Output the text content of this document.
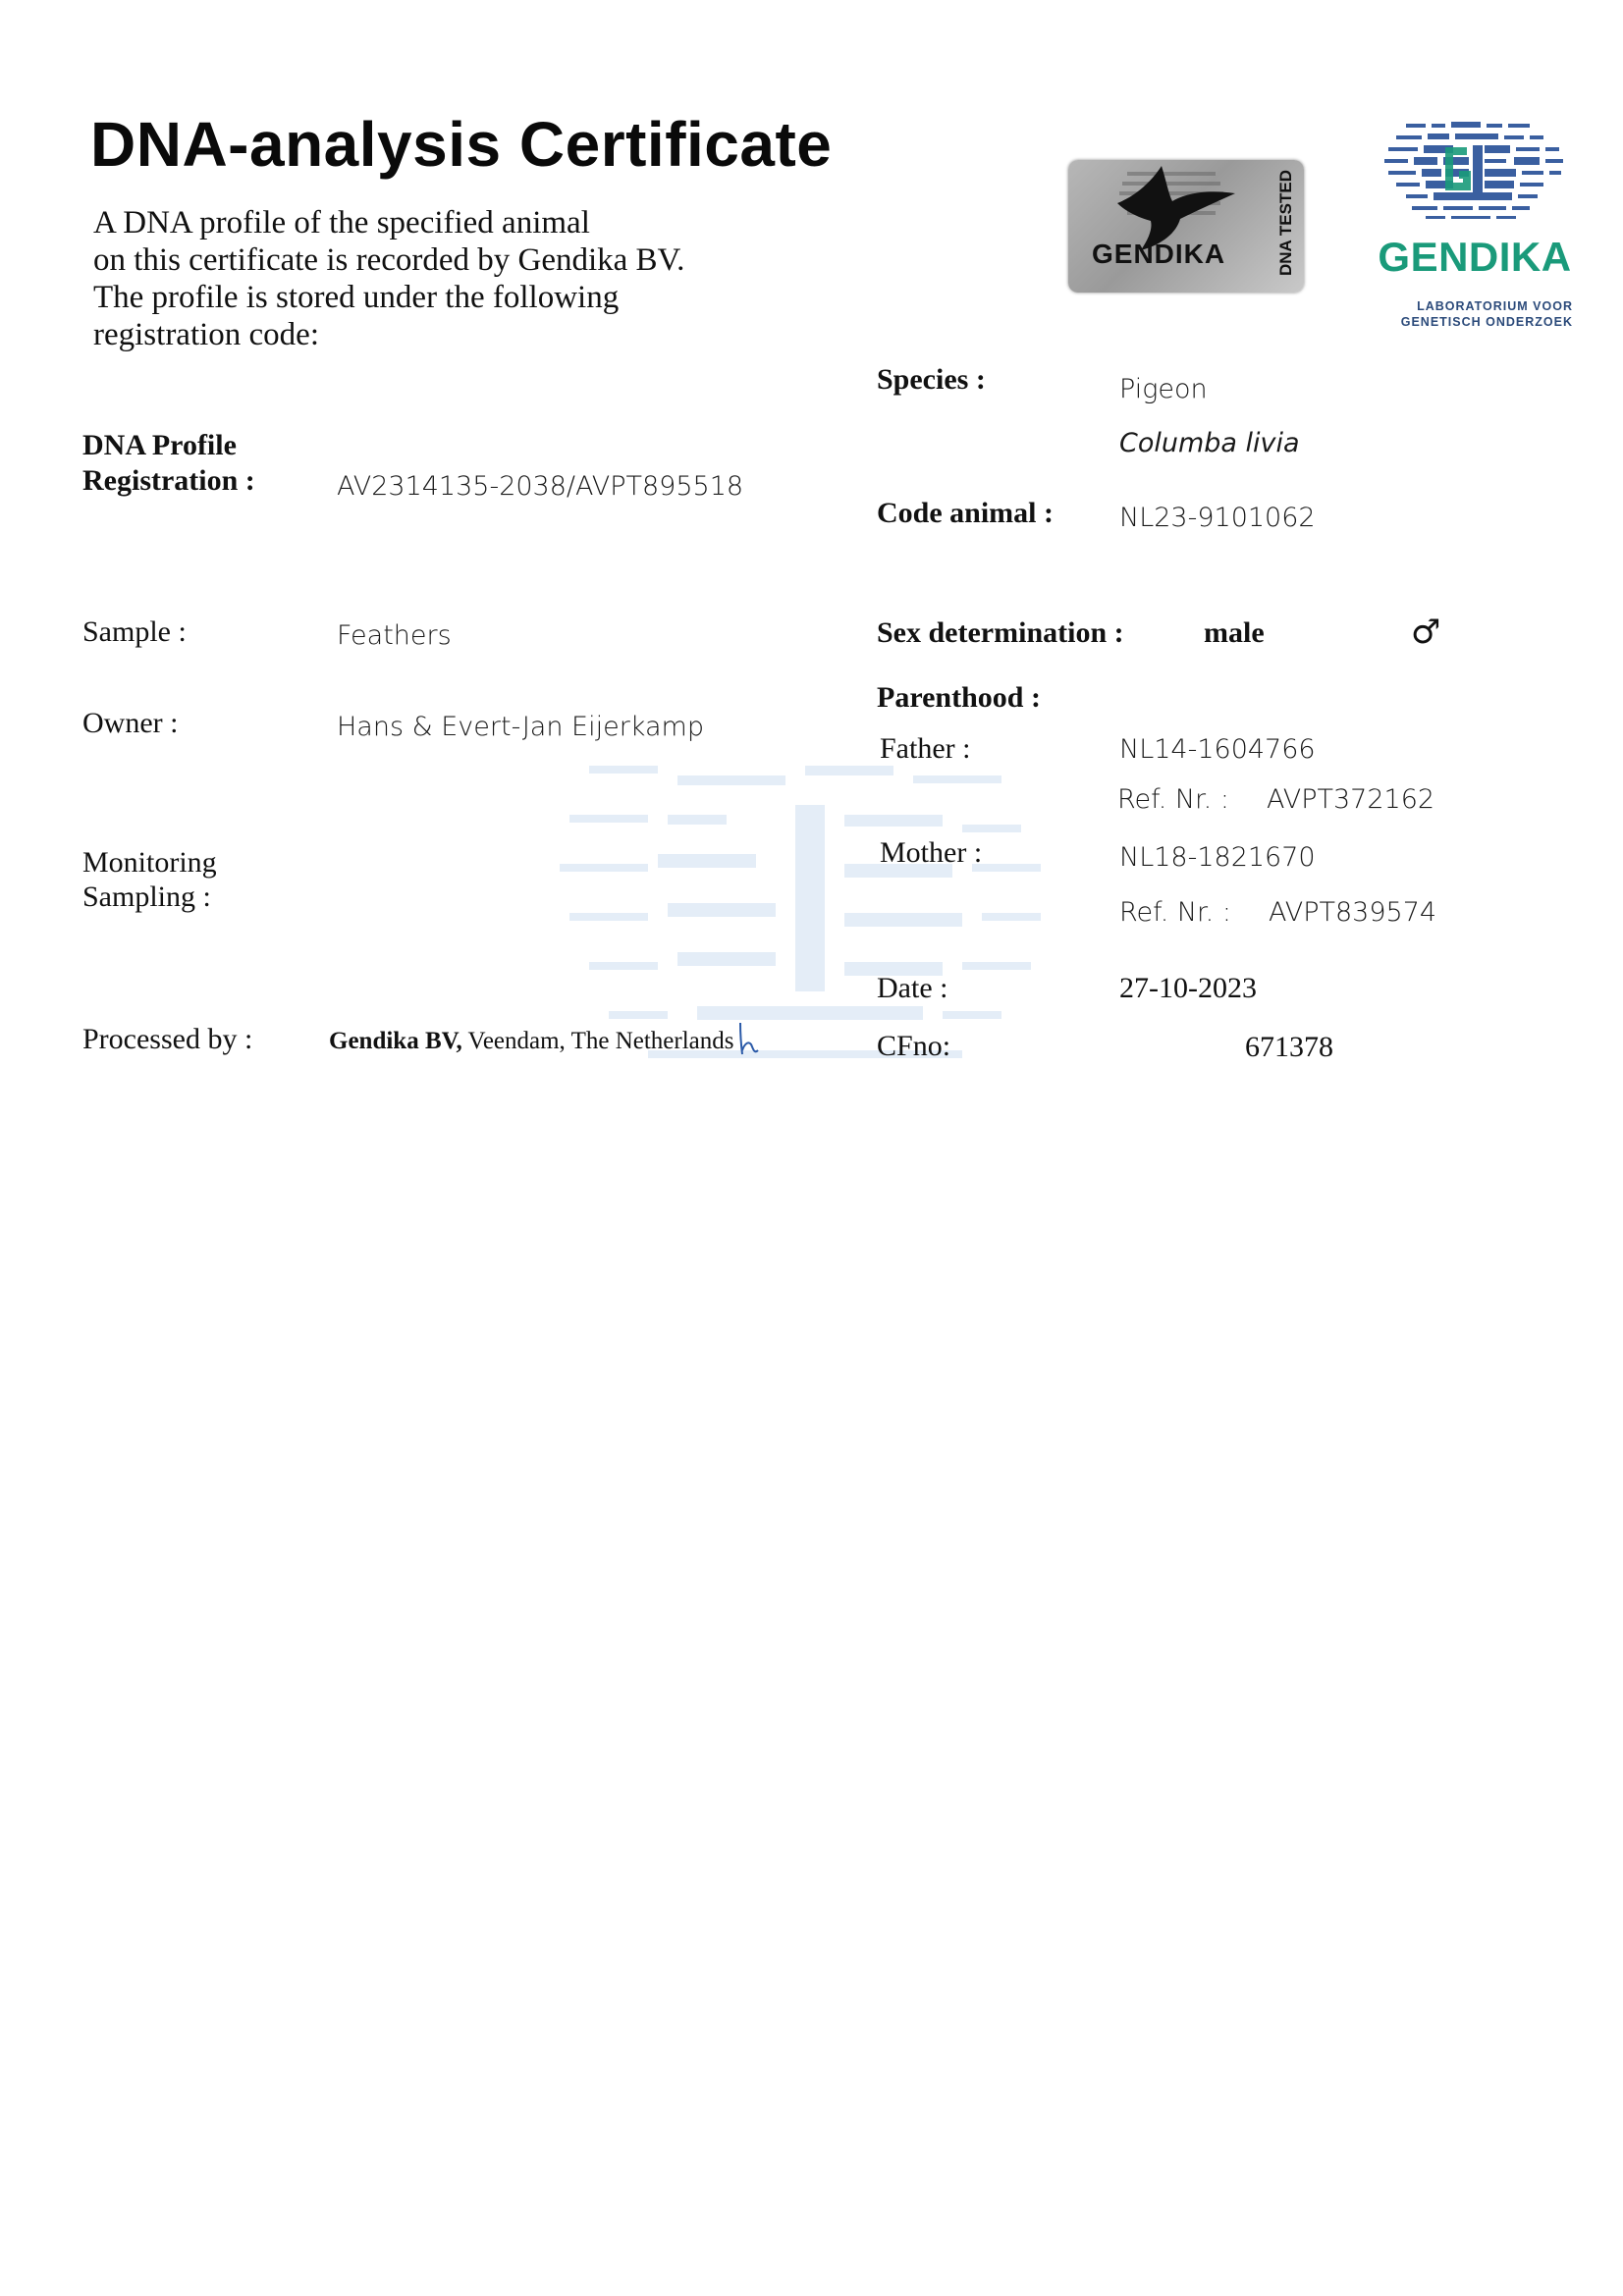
DNA-analysis Certificate
A DNA profile of the specified animal
on this certificate is recorded by Gendika BV.
The profile is stored under the following
registration code:
GENDIKA	DNA TESTED GENDIKA
LABORATORIUM VOOR
GENETISCH ONDERZOEK
DNA Profile
Registration :	AV2314135-2038/AVPT895518
Sample :	Feathers
Owner :	Hans & Evert-Jan Eijerkamp
Monitoring
Sampling :
Processed by :	Gendika BV, Veendam, The Netherlands
Species :	Pigeon
Columba livia
Code animal : NL23-9101062
Sex determination :	male	♂
Parenthood :
Father :	NL14-1604766
Ref. Nr. : AVPT372162
Mother :	NL18-1821670
Ref. Nr. : AVPT839574
Date :	27-10-2023
CFno:	671378
